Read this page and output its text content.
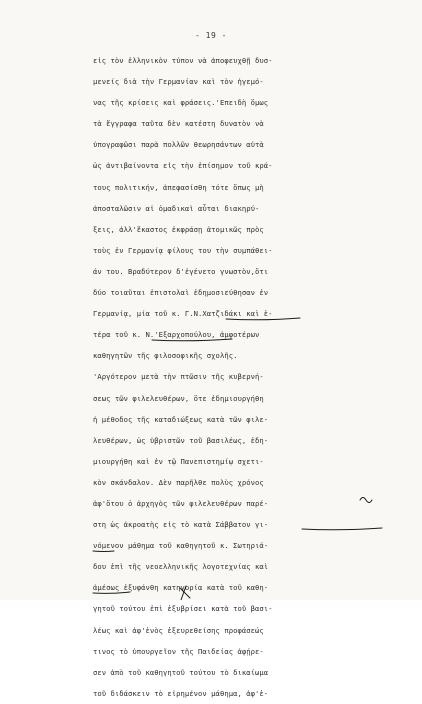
- 19 -
εἰς τὸν ἑλληνικὸν τύπον νὰ ἀποφευχθῇ δυσ-
μενείς διὰ τὴν Γερμανίαν καὶ τὸν ἡγεμό-
νας τῆς κρίσεις καὶ φράσεις.'Επειδὴ ὅμως
τὰ ἔγγραφα ταῦτα δὲν κατέστη δυνατὸν νὰ
ὑπογραφῶσι παρὰ πολλῶν θεωρησάντων αὐτὰ
ὡς ἀντιβαίνοντα εἰς τὴν ἐπίσημον τοῦ κρά-
τους πολιτικήν, ἀπεφασίσθη τότε ὅπως μὴ
ἀποσταλῶσιν αἱ ὁμαδικαὶ αὗται διακηρύ-
ξεις, ἀλλ'ἕκαστος ἐκφράσῃ ἀτομικῶς πρὸς
τοὺς ἐν Γερμανίᾳ φίλους του τὴν συμπάθει-
άν του. Βραδύτερον δ'ἐγένετο γνωστὸν,ὅτι
δύο τοιαῦται ἐπιστολαὶ ἐδημοσιεύθησαν ἐν
Γερμανίᾳ, μία τοῦ κ. Γ.Ν.Χατζιδάκι καὶ ἑ-
τέρα τοῦ κ. Ν.'Εξαρχοπούλου, ἀμφοτέρων
καθηγητῶν τῆς φιλοσοφικῆς σχολῆς.
'Αργότερον μετὰ τὴν πτῶσιν τῆς κυβερνή-
σεως τῶν φιλελευθέρων, ὅτε ἐδημιουργήθη
ἡ μέθοδος τῆς καταδιώξεως κατὰ τῶν φιλε-
λευθέρων, ὡς ὑβριστῶν τοῦ βασιλέως, ἐδη-
μιουργήθη καὶ ἐν τῷ Πανεπιστημίῳ σχετι-
κὸν σκάνδαλον. Δὲν παρῆλθε πολὺς χρόνος
ἀφ'ὅτου ὁ ἀρχηγὸς τῶν φιλελευθέρων παρέ-
στη ὡς ἀκροατὴς εἰς τὸ κατὰ Σάββατον γι-
νόμενον μάθημα τοῦ καθηγητοῦ κ. Σωτηριά-
δου ἐπὶ τῆς νεοελληνικῆς λογοτεχνίας καὶ
ἀμέσως ἐξυφάνθη κατηγορία κατὰ τοῦ καθη-
γητοῦ τούτου ἐπὶ ἐξυβρίσει κατὰ τοῦ βασι-
λέως καὶ ἀφ'ἑνὸς ἐξευρεθείσης προφάσεώς
τινος τὸ ὑπουργεῖον τῆς Παιδείας ἀφῄρε-
σεν ἀπὸ τοῦ καθηγητοῦ τούτου τὸ δικαίωμα
τοῦ διδάσκειν τὸ εἰρημένον μάθημα, ἀφ'ἑ-
